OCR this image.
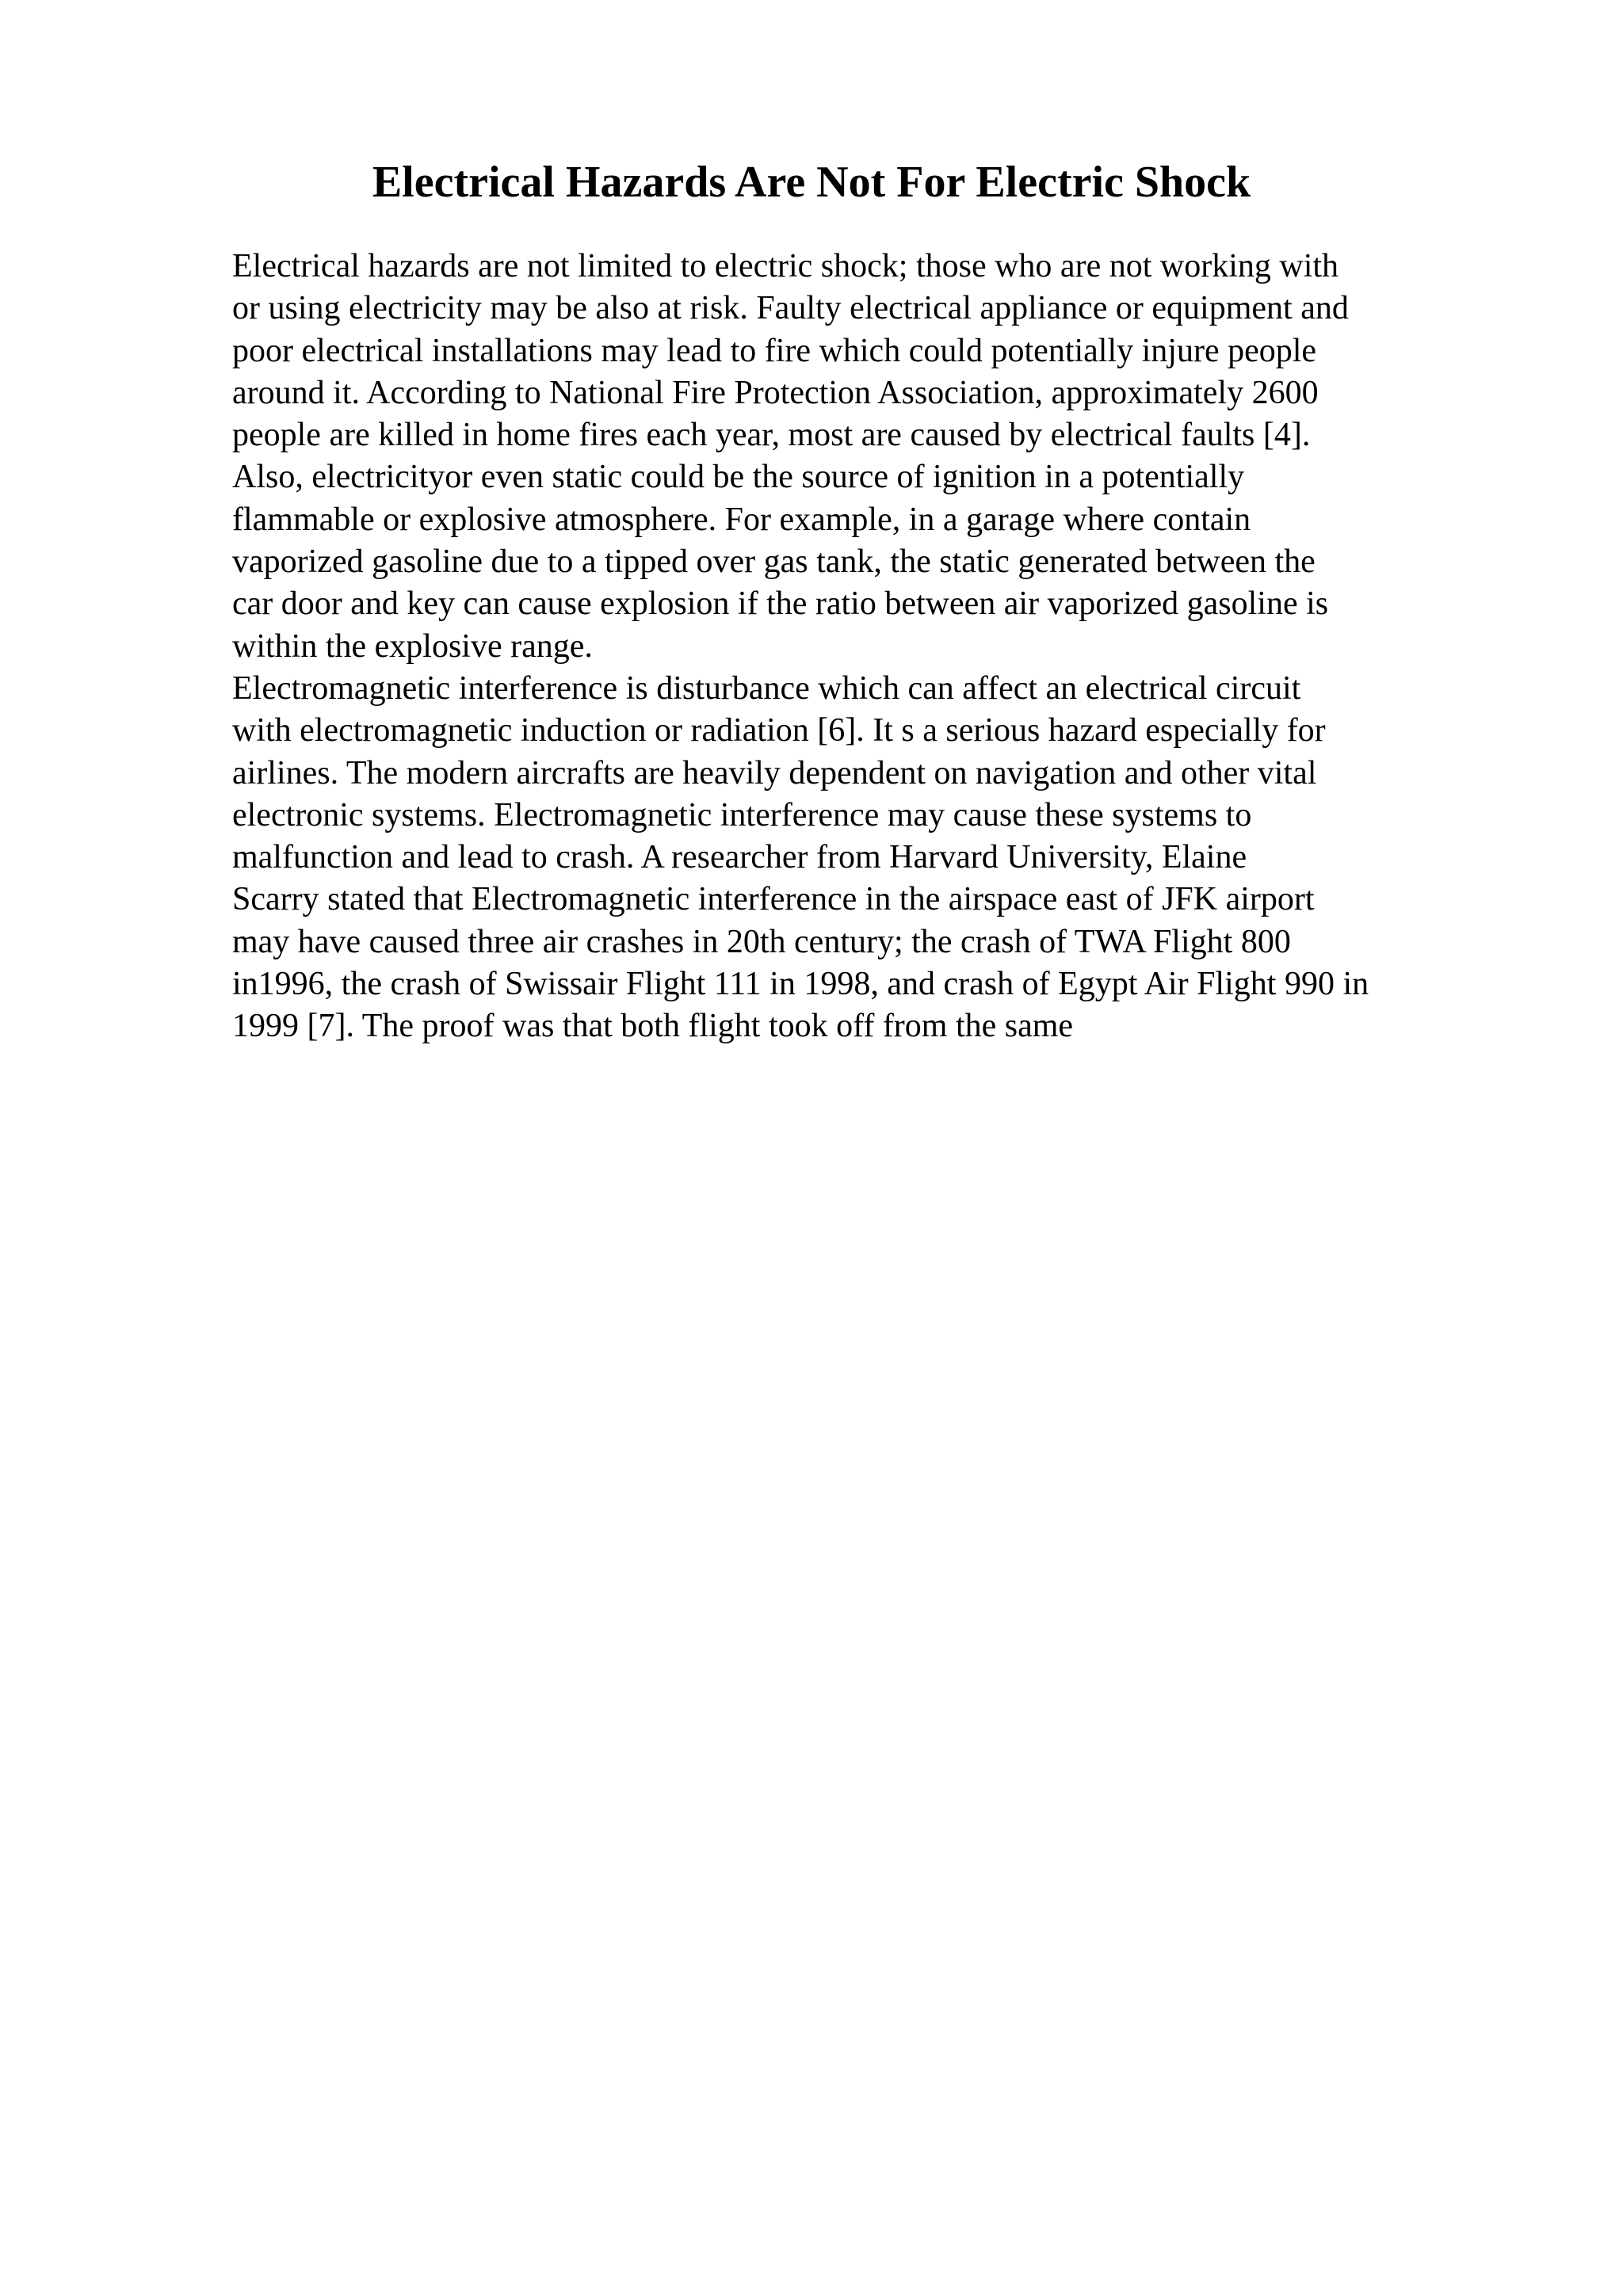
Electrical Hazards Are Not For Electric Shock
Electrical hazards are not limited to electric shock; those who are not working with
or using electricity may be also at risk. Faulty electrical appliance or equipment and
poor electrical installations may lead to fire which could potentially injure people
around it. According to National Fire Protection Association, approximately 2600
people are killed in home fires each year, most are caused by electrical faults [4].
Also, electricityor even static could be the source of ignition in a potentially
flammable or explosive atmosphere. For example, in a garage where contain
vaporized gasoline due to a tipped over gas tank, the static generated between the
car door and key can cause explosion if the ratio between air vaporized gasoline is
within the explosive range.
Electromagnetic interference is disturbance which can affect an electrical circuit
with electromagnetic induction or radiation [6]. It s a serious hazard especially for
airlines. The modern aircrafts are heavily dependent on navigation and other vital
electronic systems. Electromagnetic interference may cause these systems to
malfunction and lead to crash. A researcher from Harvard University, Elaine
Scarry stated that Electromagnetic interference in the airspace east of JFK airport
may have caused three air crashes in 20th century; the crash of TWA Flight 800
in1996, the crash of Swissair Flight 111 in 1998, and crash of Egypt Air Flight 990 in
1999 [7]. The proof was that both flight took off from the same
